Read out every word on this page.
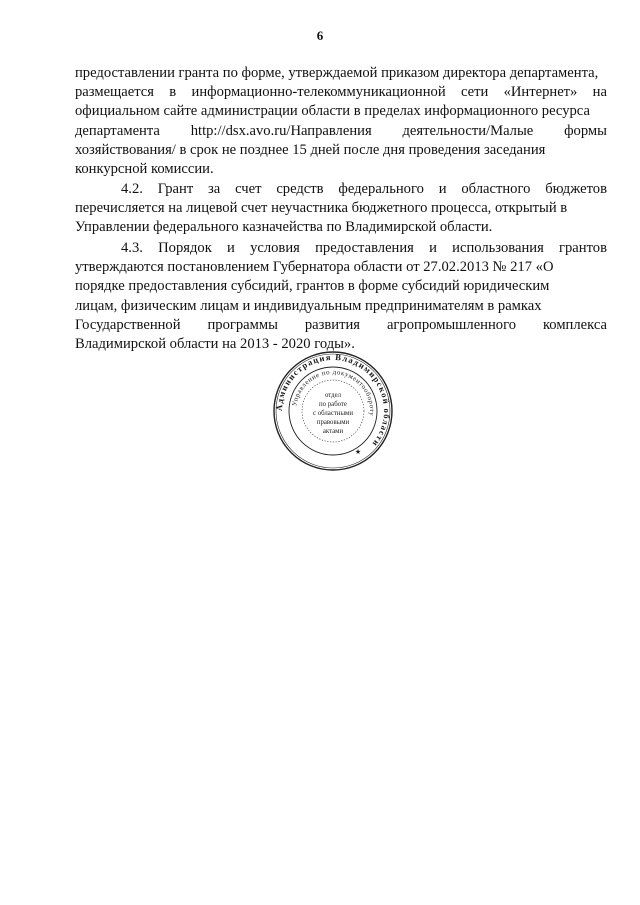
6
предоставлении гранта по форме, утверждаемой приказом директора департамента,
размещается в информационно-телекоммуникационной сети «Интернет» на
официальном сайте администрации области в пределах информационного ресурса
департамента http://dsx.avo.ru/Направления деятельности/Малые формы
хозяйствования/ в срок не позднее 15 дней после дня проведения заседания
конкурсной комиссии.
4.2. Грант за счет средств федерального и областного бюджетов
перечисляется на лицевой счет неучастника бюджетного процесса, открытый в
Управлении федерального казначейства по Владимирской области.
4.3. Порядок и условия предоставления и использования грантов
утверждаются постановлением Губернатора области от 27.02.2013 № 217 «О
порядке предоставления субсидий, грантов в форме субсидий юридическим
лицам, физическим лицам и индивидуальным предпринимателям в рамках
Государственной программы развития агропромышленного комплекса
Владимирской области на 2013 - 2020 годы».
Администрация Владимирской области
Управление по документообороту
отдел
по работе
с областными
правовыми
актами
★
